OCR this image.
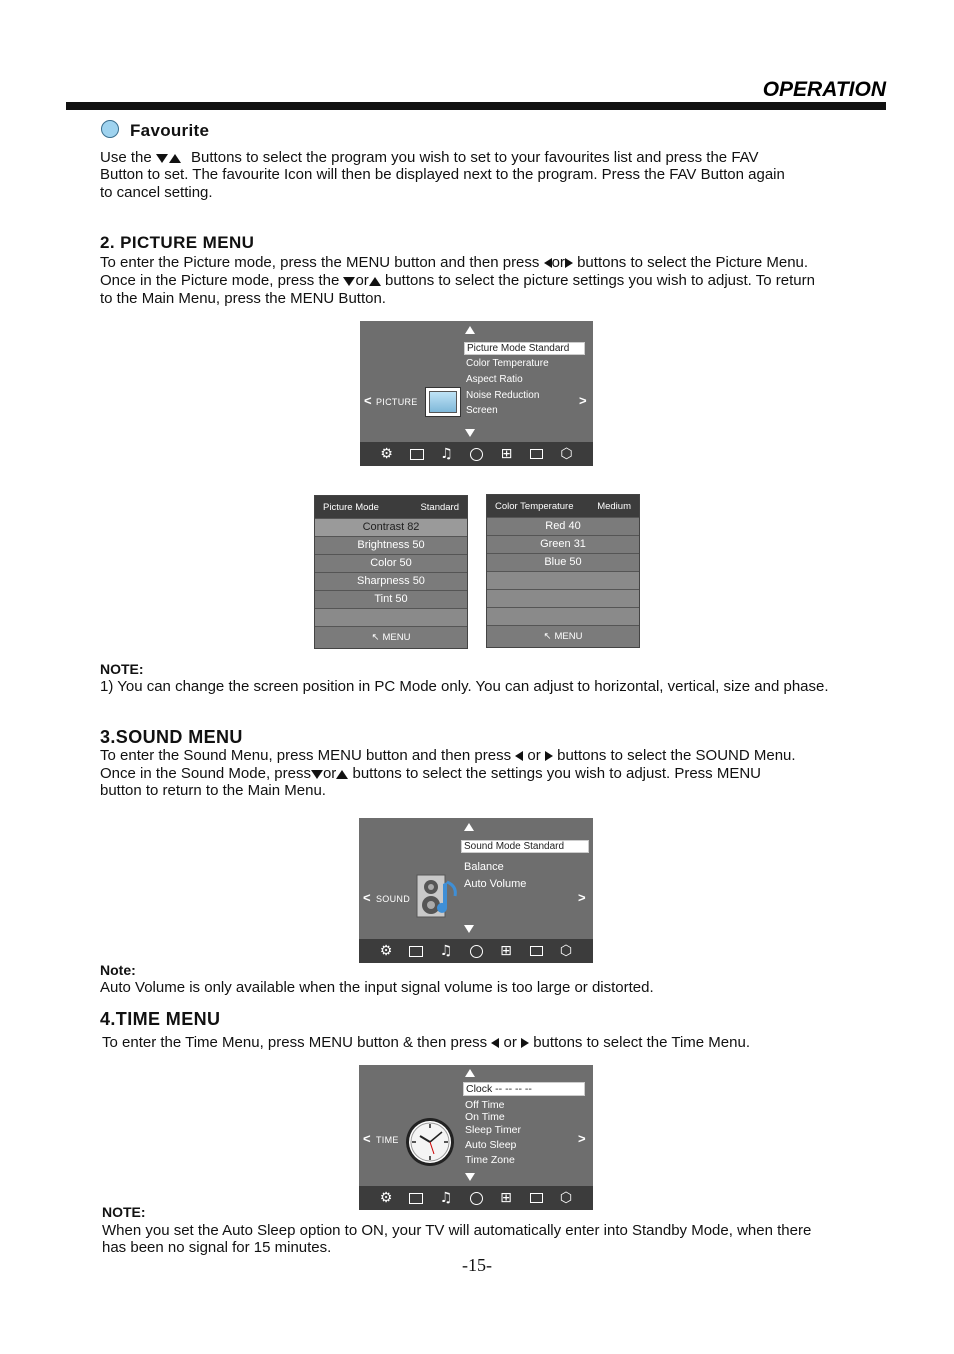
OPERATION
Favourite
Use the	Buttons to select the program you wish to set to your favourites list and press the FAV
Button to set. The favourite Icon will then be displayed next to the program. Press the FAV Button again
to cancel setting.
2. PICTURE MENU
To enter the Picture mode, press the MENU button and then press or buttons to select the Picture Menu.
Once in the Picture mode, press the or buttons to select the picture settings you wish to adjust. To return
to the Main Menu, press the MENU Button.
Picture Mode Standard
Color Temperature
Aspect Ratio
Noise Reduction
Screen
< PICTURE	>
⚙	♫	⊞	⬡
Picture Mode	Standard
Contrast 82
Brightness 50
Color 50
Sharpness 50
Tint 50
↖ MENU
Color Temperature Medium
Red 40
Green 31
Blue 50
↖ MENU
NOTE:
1) You can change the screen position in PC Mode only. You can adjust to horizontal, vertical, size and phase.
3.SOUND MENU
To enter the Sound Menu, press MENU button and then press or buttons to select the SOUND Menu.
Once in the Sound Mode, press or buttons to select the settings you wish to adjust. Press MENU
button to return to the Main Menu.
Sound Mode Standard
Balance
Auto Volume
< SOUND	>
⚙	♫	⊞	⬡
Note:
Auto Volume is only available when the input signal volume is too large or distorted.
4.TIME MENU
To enter the Time Menu, press MENU button & then press or buttons to select the Time Menu.
Clock -- -- -- --
Off Time
On Time
Sleep Timer
Auto Sleep
Time Zone
< TIME	>
⚙	♫	⊞	⬡
NOTE:
When you set the Auto Sleep option to ON, your TV will automatically enter into Standby Mode, when there
has been no signal for 15 minutes.
-15-
